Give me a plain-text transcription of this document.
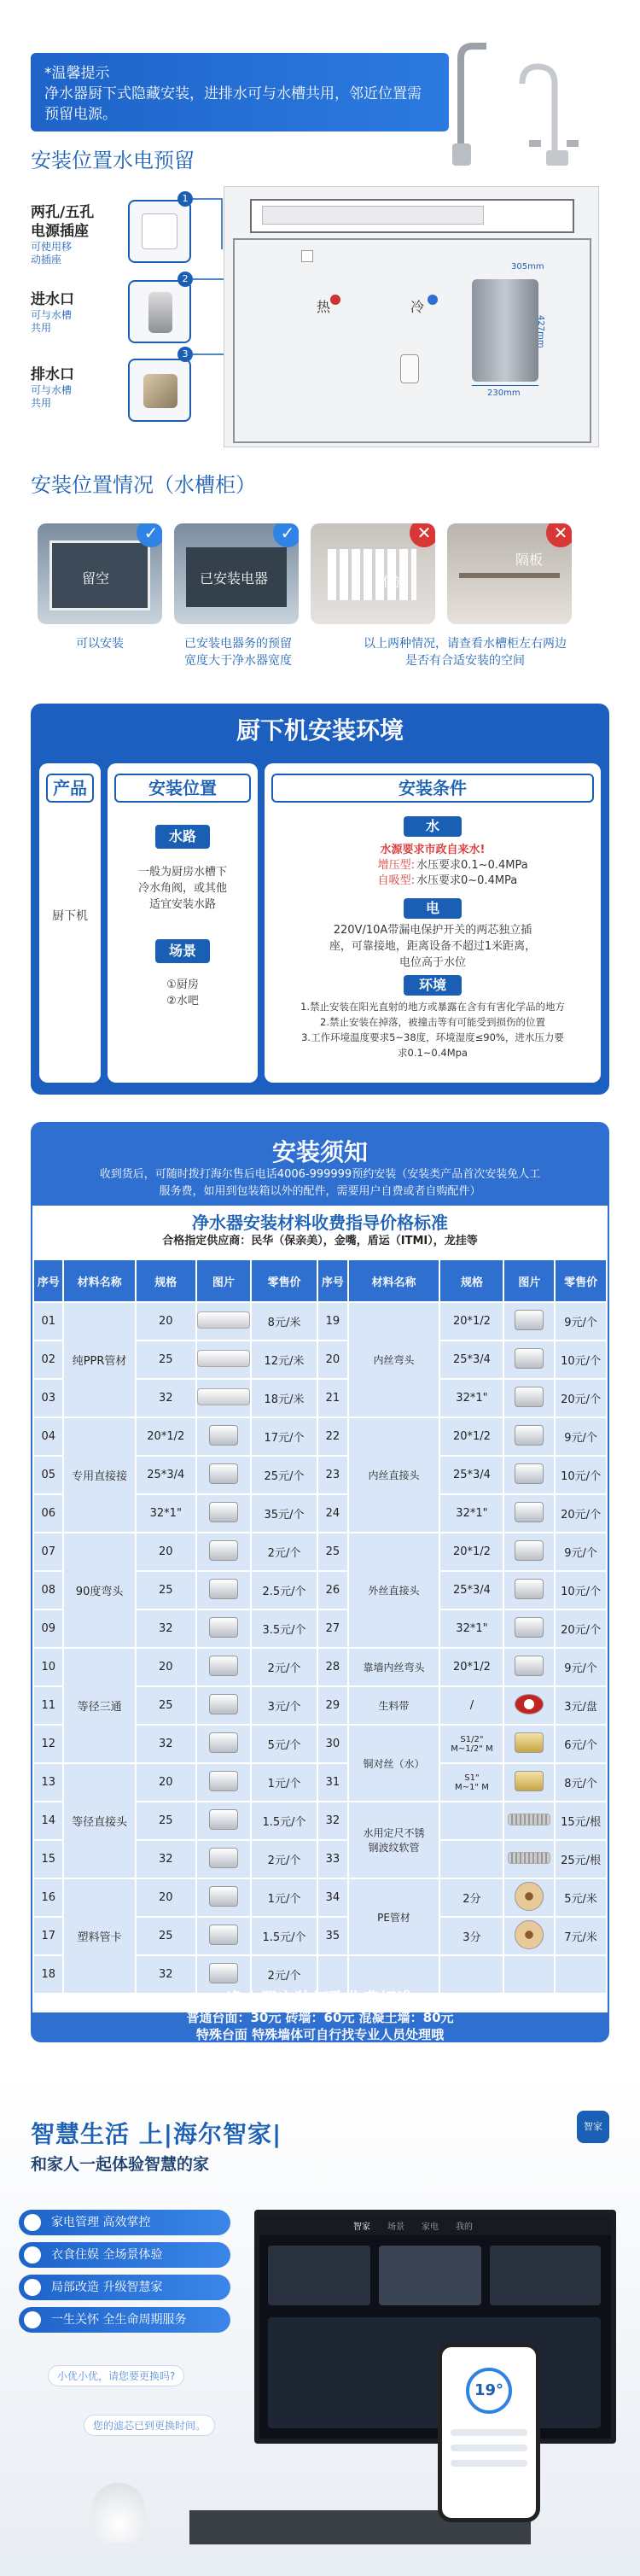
*温馨提示
净水器厨下式隐藏安装，进排水可与水槽共用，邻近位置需预留电源。
安装位置水电预留
两孔/五孔
电源插座
可使用移
动插座
1
进水口
可与水槽
共用
2
排水口
可与水槽
共用
3
热	冷
230mm
427mm
305mm
安装位置情况（水槽柜）
留空
✓
已安装电器
✓
堆放
✕
隔板
✕
可以安装	已安装电器务的预留
宽度大于净水器宽度
以上两种情况，请查看水槽柜左右两边
是否有合适安装的空间
厨下机安装环境
产品
厨下机
安装位置
水路
一般为厨房水槽下
冷水角阀，或其他
适宜安装水路
场景
①厨房
②水吧
安装条件
水
水源要求市政自来水!
增压型: 水压要求0.1~0.4MPa
自吸型: 水压要求0~0.4MPa
电
220V/10A带漏电保护开关的两芯独立插
座，可靠接地，距离设备不超过1米距离，
电位高于水位
环境
1.禁止安装在阳光直射的地方或暴露在含有有害化学品的地方
2.禁止安装在掉落，被撞击等有可能受到损伤的位置
3.工作环境温度要求5~38度，环境湿度≤90%，进水压力要
求0.1~0.4Mpa
安装须知
收到货后，可随时拨打海尔售后电话4006-999999预约安装（安装类产品首次安装免人工
服务费，如用到包装箱以外的配件，需要用户自费或者自购配件）
净水器安装材料收费指导价格标准
合格指定供应商：民华（保亲美），金嘴，盾运（ITMI），龙挂等
序号	材料名称	规格	图片	零售价	序号	材料名称	规格	图片	零售价
01	纯PPR管材	20		8元/米	19	内丝弯头	20*1/2		9元/个
02		25		12元/米	20		25*3/4		10元/个
03		32		18元/米	21		32*1"		20元/个
04	专用直接接	20*1/2		17元/个	22	内丝直接头	20*1/2		9元/个
05		25*3/4		25元/个	23		25*3/4		10元/个
06		32*1"		35元/个	24		32*1"		20元/个
07	90度弯头	20		2元/个	25	外丝直接头	20*1/2		9元/个
08		25		2.5元/个	26		25*3/4		10元/个
09		32		3.5元/个	27		32*1"		20元/个
10	等径三通	20		2元/个	28	靠墙内丝弯头	20*1/2		9元/个
11		25		3元/个	29	生料带	/		3元/盘
12		32		5元/个	30	铜对丝（水）	S1/2"
M~1/2" M		6元/个
13	等径直接头	20		1元/个	31		S1"
M~1" M		8元/个
14		25		1.5元/个	32	水用定尺不锈
钢波纹软管			15元/根
15		32		2元/个	33				25元/根
16	塑料管卡	20		1元/个	34	PE管材	2分		5元/米
17		25		1.5元/个	35		3分		7元/米
18		32		2元/个					
净水器安装打孔收费标准
普通台面：30元 砖墙：60元 混凝土墙：80元
特殊台面 特殊墙体可自行找专业人员处理哦
智家
智慧生活 上|海尔智家|
和家人一起体验智慧的家
家电管理 高效掌控
衣食住娱 全场景体验
局部改造 升级智慧家
一生关怀 全生命周期服务
小优小优，请您要更换吗?
您的滤芯已到更换时间。
智家 场景 家电 我的
19°
